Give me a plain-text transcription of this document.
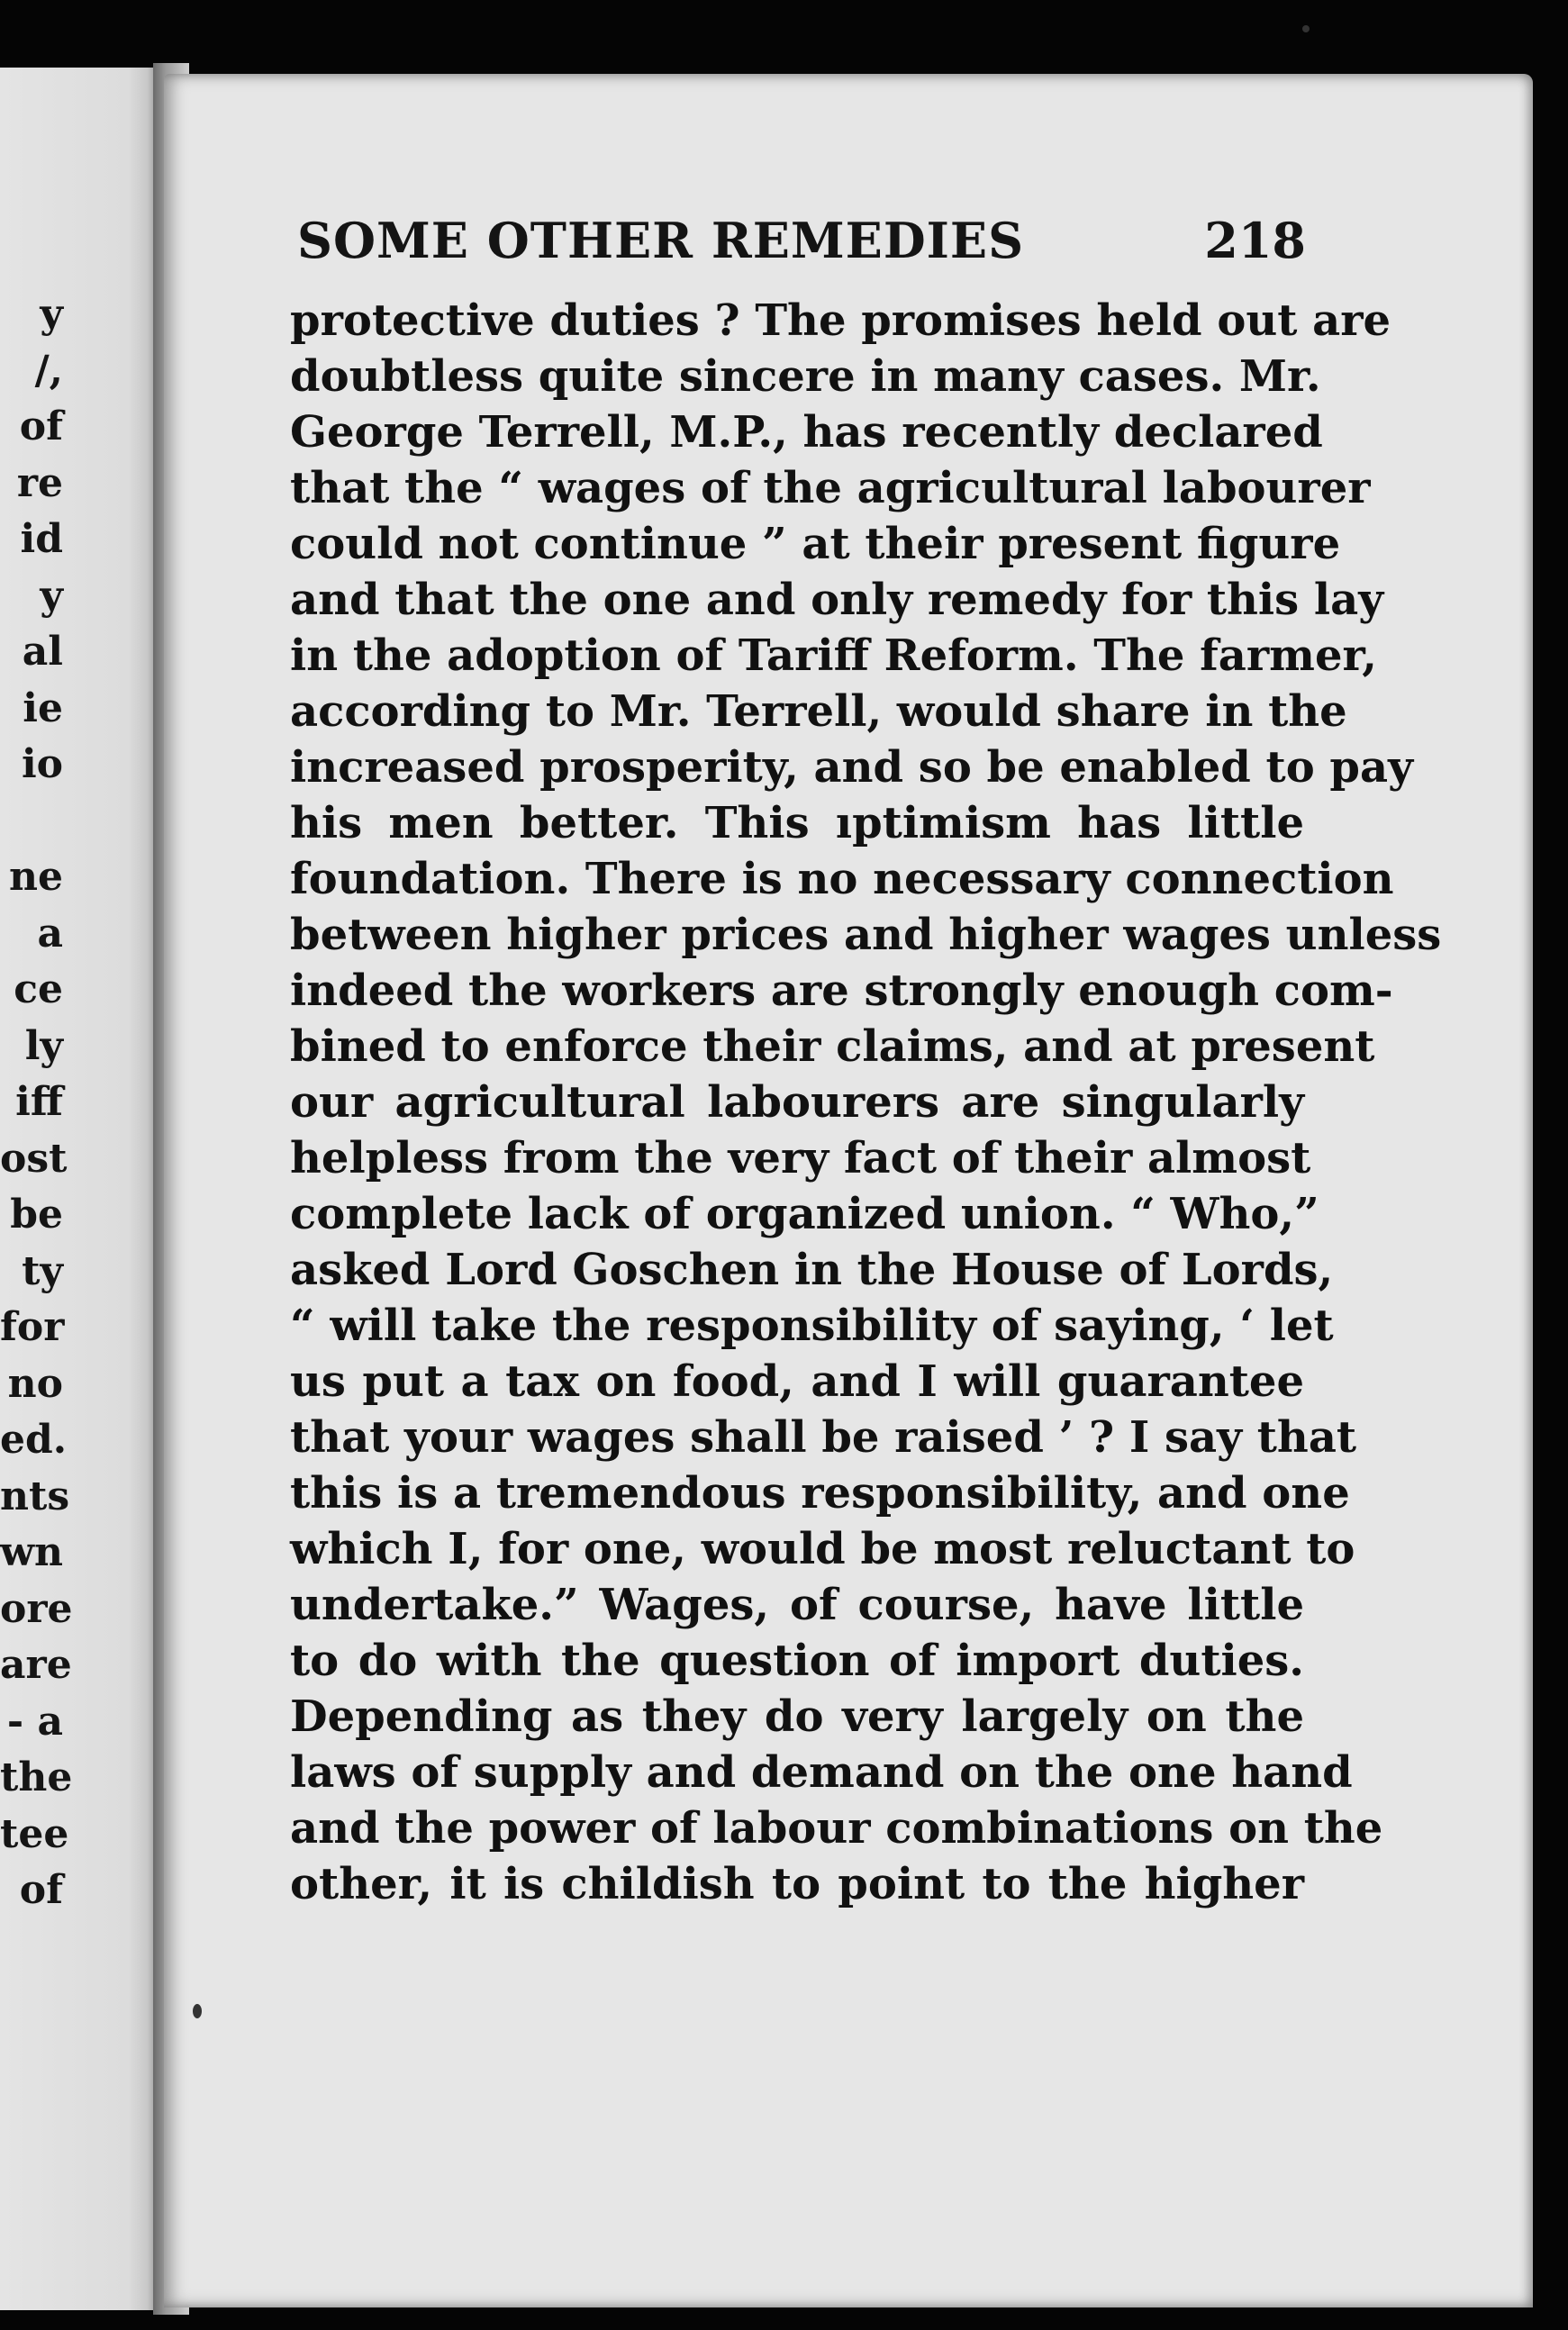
y
/,
of
re
id
y
al
ie
io
ne
a
ce
ly
iff
ost
be
ty
for
no
ed.
nts
wn
ore
are
- a
the
tee
of
SOME OTHER REMEDIES	218
protective duties ? The promises held out are
doubtless quite sincere in many cases. Mr.
George Terrell, M.P., has recently declared
that the “ wages of the agricultural labourer
could not continue ” at their present figure
and that the one and only remedy for this lay
in the adoption of Tariff Reform. The farmer,
according to Mr. Terrell, would share in the
increased prosperity, and so be enabled to pay
his men better. This ıptimism has little
foundation. There is no necessary connection
between higher prices and higher wages unless
indeed the workers are strongly enough com-
bined to enforce their claims, and at present
our agricultural labourers are singularly
helpless from the very fact of their almost
complete lack of organized union. “ Who,”
asked Lord Goschen in the House of Lords,
“ will take the responsibility of saying, ‘ let
us put a tax on food, and I will guarantee
that your wages shall be raised ’ ? I say that
this is a tremendous responsibility, and one
which I, for one, would be most reluctant to
undertake.” Wages, of course, have little
to do with the question of import duties.
Depending as they do very largely on the
laws of supply and demand on the one hand
and the power of labour combinations on the
other, it is childish to point to the higher
